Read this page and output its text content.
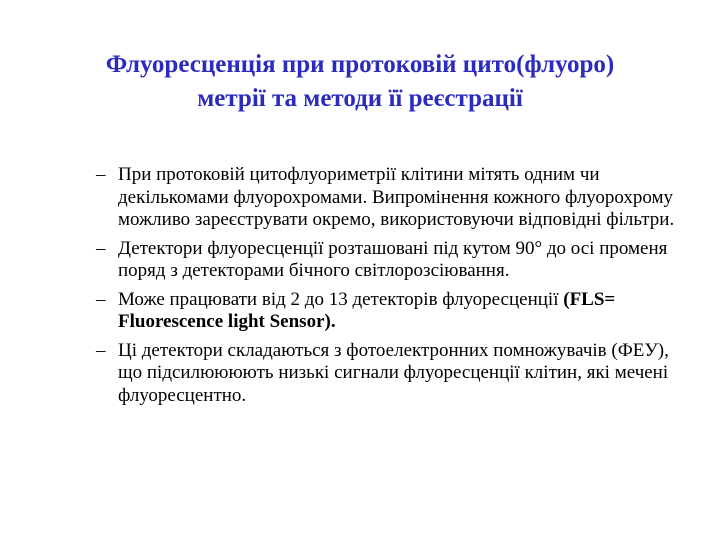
Флуоресценція при протоковій цито(флуоро)
метрії та методи її реєстрації
– При протоковій цитофлуориметрії клітини мітять одним чи декількомами флуорохромами. Випромінення кожного флуорохрому можливо зареєструвати окремо, використовуючи відповідні фільтри.
– Детектори флуоресценції розташовані під кутом 90° до осі променя поряд з детекторами бічного світлорозсіювання.
– Може працювати від 2 до 13 детекторів флуоресценції (FLS= Fluorescence light Sensor).
– Ці детектори складаються з фотоелектронних помножувачів (ФЕУ), що підсилюююють низькі сигнали флуоресценції клітин, які мечені флуоресцентно.
